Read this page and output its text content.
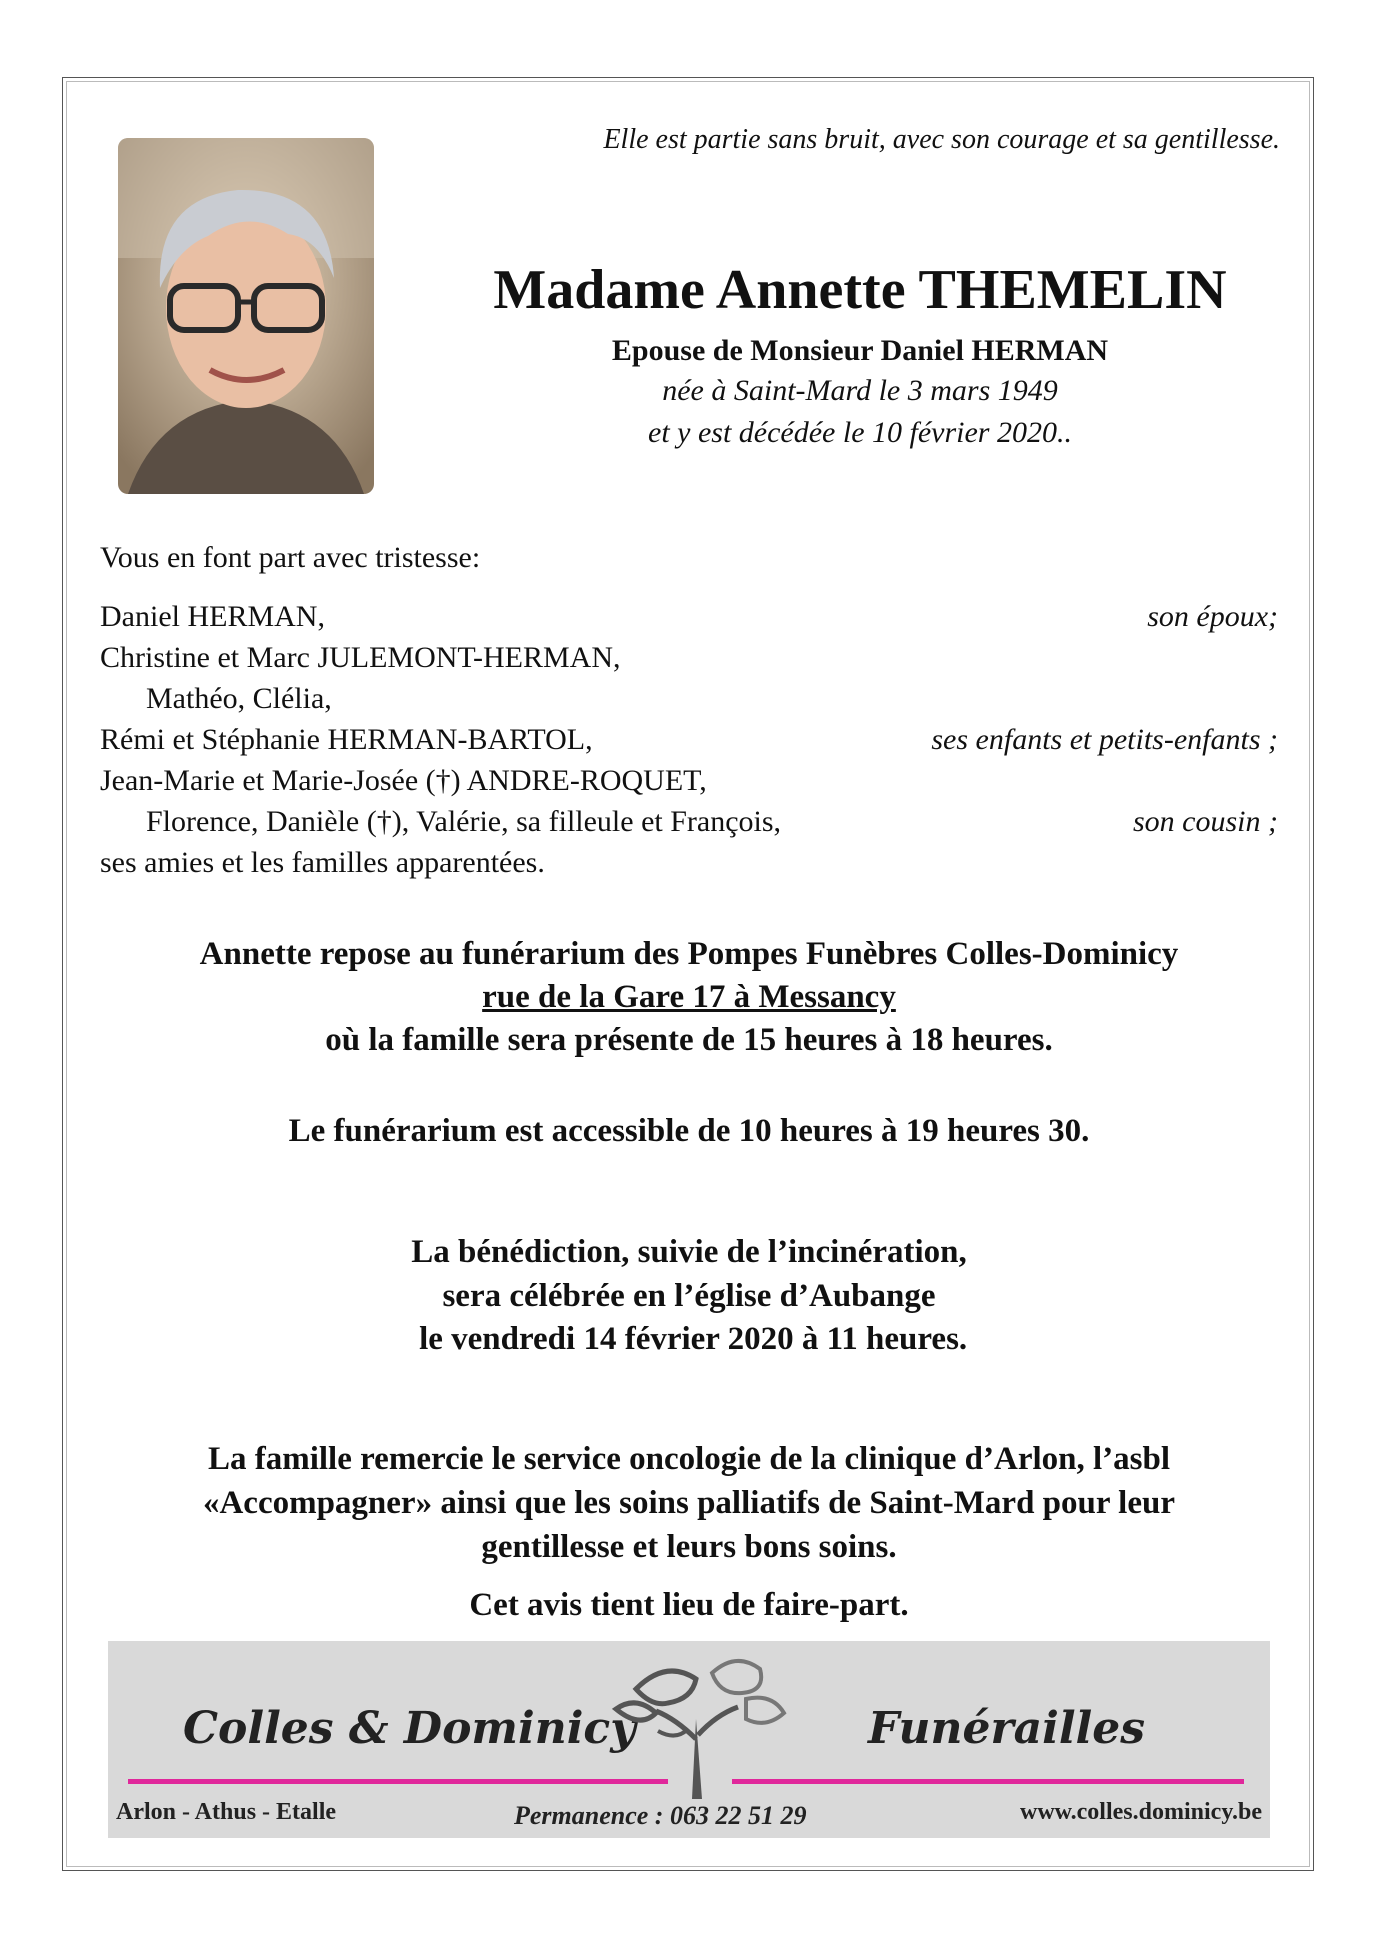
Elle est partie sans bruit, avec son courage et sa gentillesse.
Madame Annette THEMELIN
Epouse de Monsieur Daniel HERMAN
née à Saint-Mard le 3 mars 1949
et y est décédée le 10 février 2020..
Vous en font part avec tristesse:
Daniel HERMAN,	son époux;
Christine et Marc JULEMONT-HERMAN,
Mathéo, Clélia,
Rémi et Stéphanie HERMAN-BARTOL,	ses enfants et petits-enfants ;
Jean-Marie et Marie-Josée (†) ANDRE-ROQUET,
Florence, Danièle (†), Valérie, sa filleule et François,	son cousin ;
ses amies et les familles apparentées.
Annette repose au funérarium des Pompes Funèbres Colles-Dominicy
rue de la Gare 17 à Messancy
où la famille sera présente de 15 heures à 18 heures.
Le funérarium est accessible de 10 heures à 19 heures 30.
La bénédiction, suivie de l’incinération,
sera célébrée en l’église d’Aubange
le vendredi 14 février 2020 à 11 heures.
La famille remercie le service oncologie de la clinique d’Arlon, l’asbl
«Accompagner» ainsi que les soins palliatifs de Saint-Mard pour leur
gentillesse et leurs bons soins.
Cet avis tient lieu de faire-part.
Colles & Dominicy	Funérailles
Arlon - Athus - Etalle	Permanence : 063 22 51 29	www.colles.dominicy.be
